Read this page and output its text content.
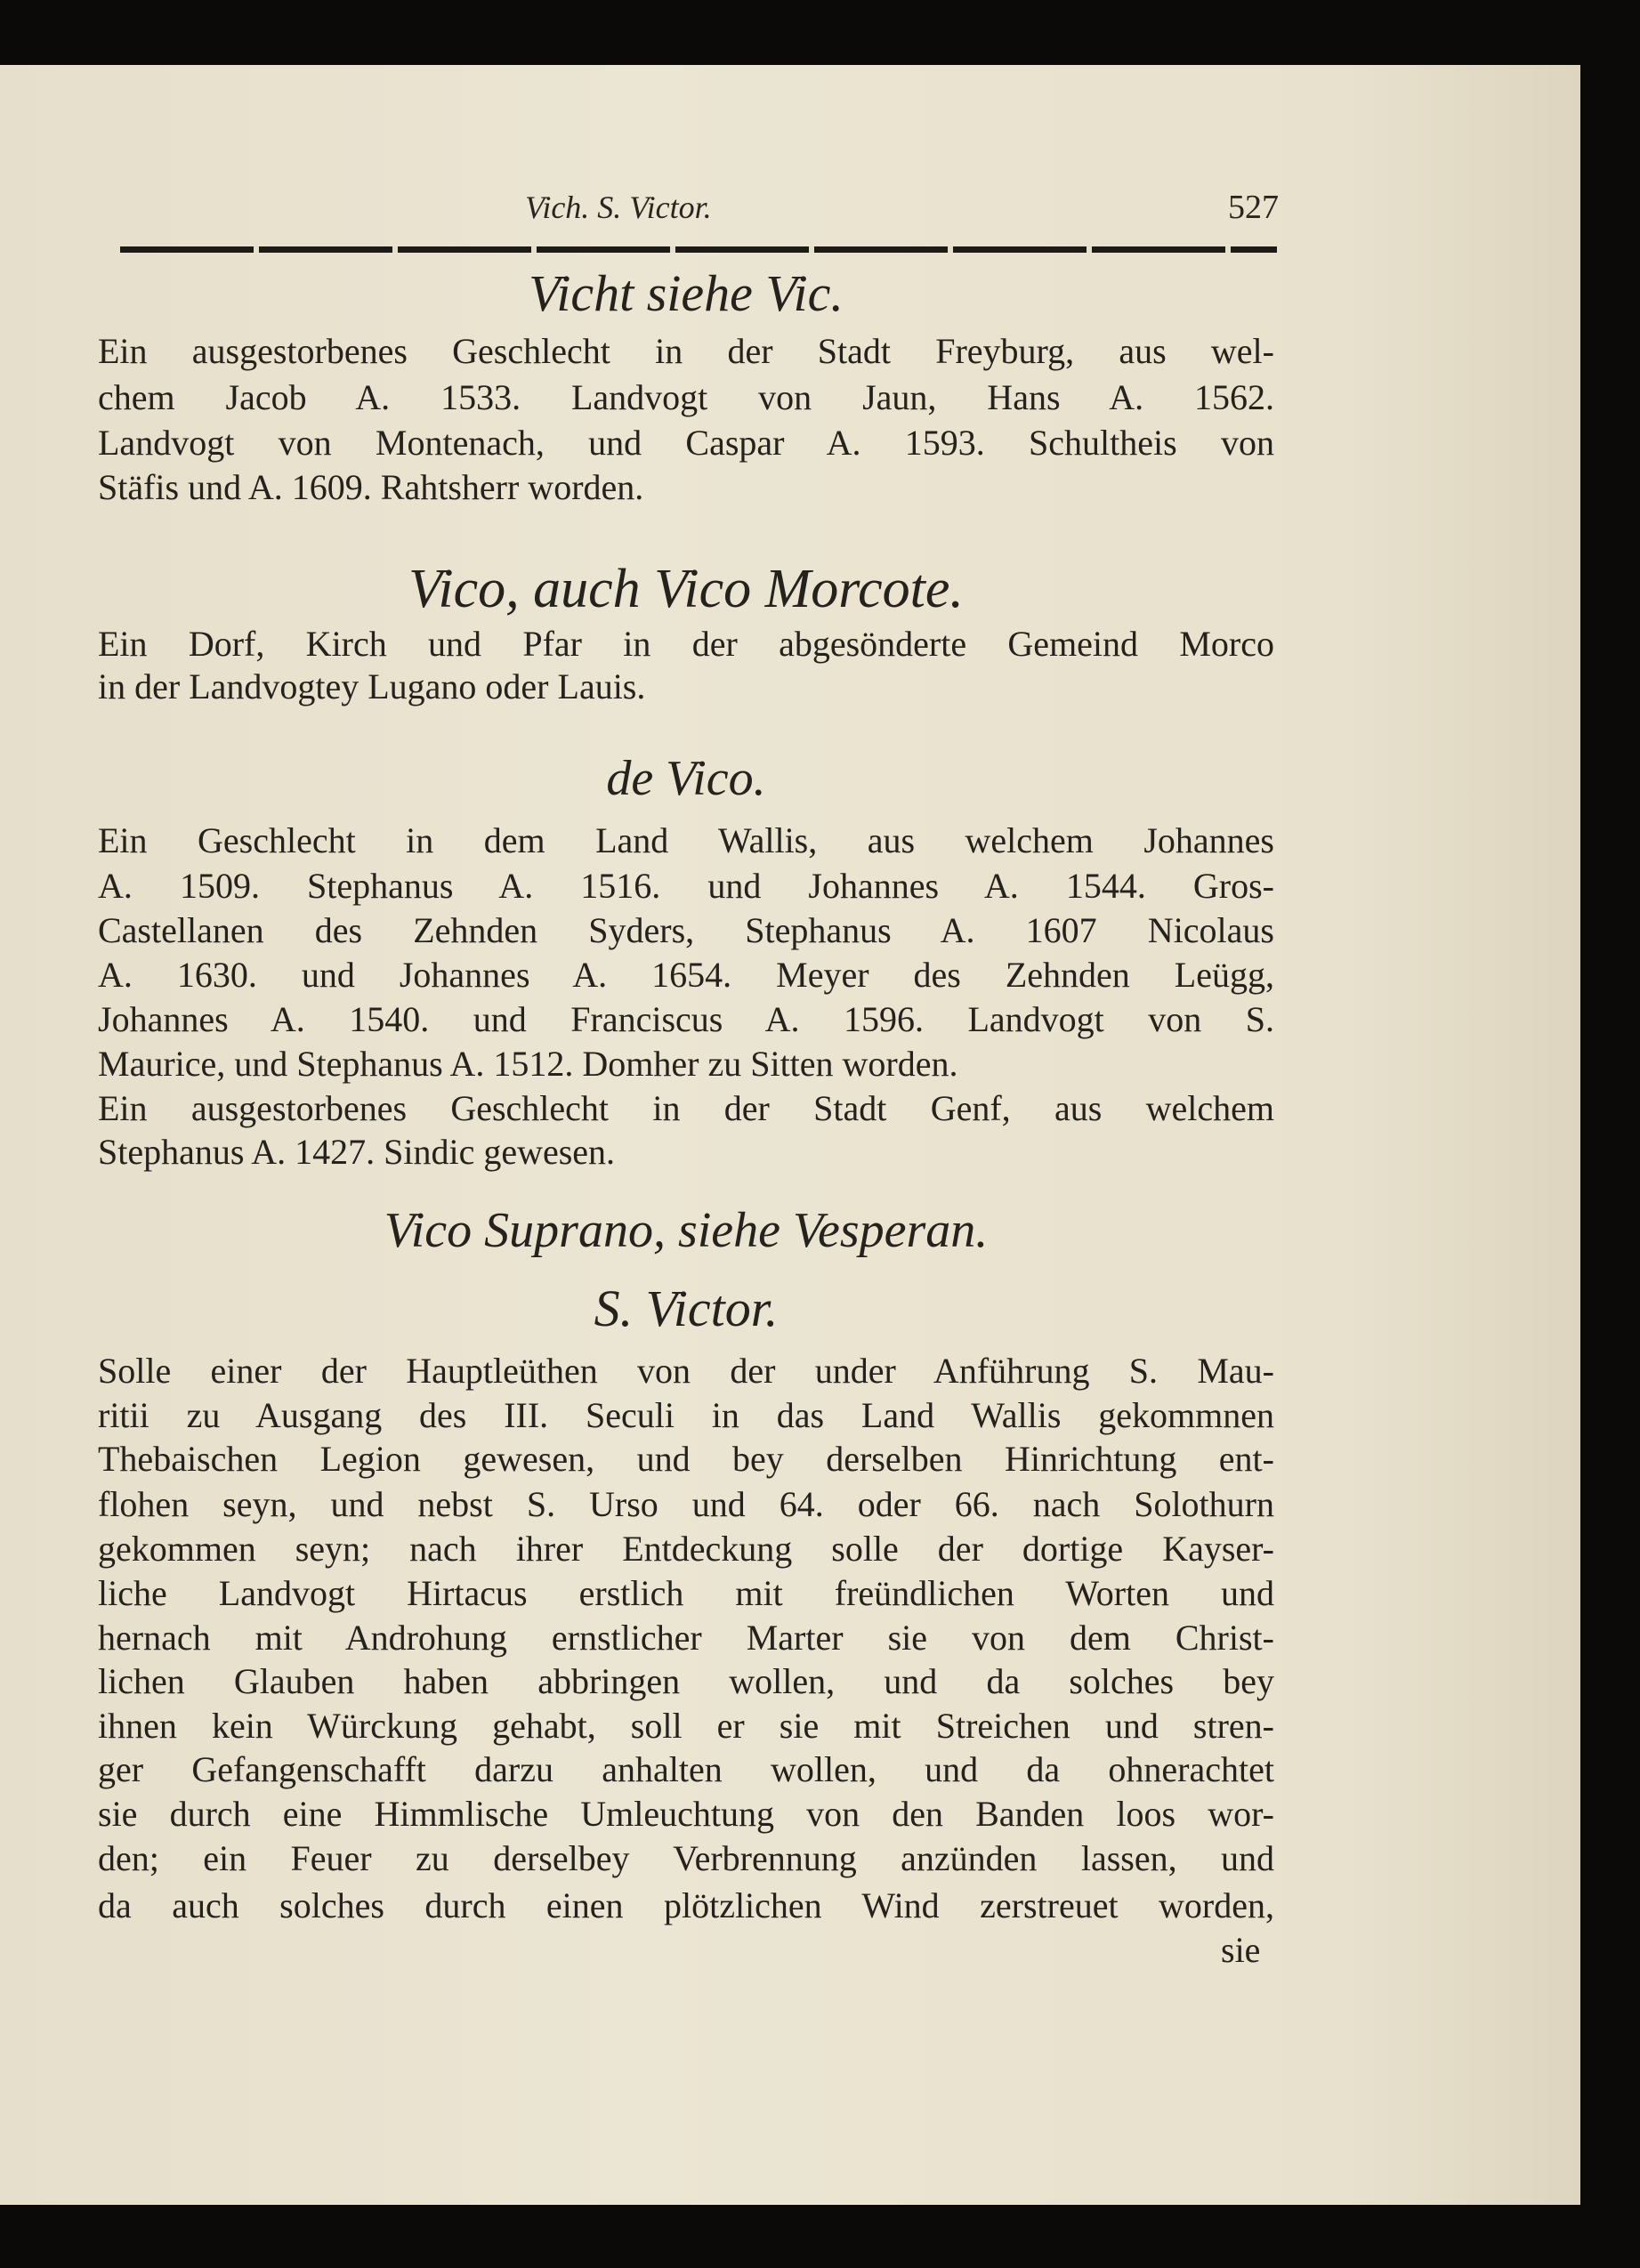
Vich. S. Victor.	527
Vicht siehe Vic.
Ein ausgestorbenes Geschlecht in der Stadt Freyburg, aus wel-
chem Jacob A. 1533. Landvogt von Jaun, Hans A. 1562.
Landvogt von Montenach, und Caspar A. 1593. Schultheis von
Stäfis und A. 1609. Rahtsherr worden.
Vico, auch Vico Morcote.
Ein Dorf, Kirch und Pfar in der abgesönderte Gemeind Morco
in der Landvogtey Lugano oder Lauis.
de Vico.
Ein Geschlecht in dem Land Wallis, aus welchem Johannes
A. 1509. Stephanus A. 1516. und Johannes A. 1544. Gros-
Castellanen des Zehnden Syders, Stephanus A. 1607 Nicolaus
A. 1630. und Johannes A. 1654. Meyer des Zehnden Leügg,
Johannes A. 1540. und Franciscus A. 1596. Landvogt von S.
Maurice, und Stephanus A. 1512. Domher zu Sitten worden.
Ein ausgestorbenes Geschlecht in der Stadt Genf, aus welchem
Stephanus A. 1427. Sindic gewesen.
Vico Suprano, siehe Vesperan.
S. Victor.
Solle einer der Hauptleüthen von der under Anführung S. Mau-
ritii zu Ausgang des III. Seculi in das Land Wallis gekommnen
Thebaischen Legion gewesen, und bey derselben Hinrichtung ent-
flohen seyn, und nebst S. Urso und 64. oder 66. nach Solothurn
gekommen seyn; nach ihrer Entdeckung solle der dortige Kayser-
liche Landvogt Hirtacus erstlich mit freündlichen Worten und
hernach mit Androhung ernstlicher Marter sie von dem Christ-
lichen Glauben haben abbringen wollen, und da solches bey
ihnen kein Würckung gehabt, soll er sie mit Streichen und stren-
ger Gefangenschafft darzu anhalten wollen, und da ohnerachtet
sie durch eine Himmlische Umleuchtung von den Banden loos wor-
den; ein Feuer zu derselbey Verbrennung anzünden lassen, und
da auch solches durch einen plötzlichen Wind zerstreuet worden,
sie
